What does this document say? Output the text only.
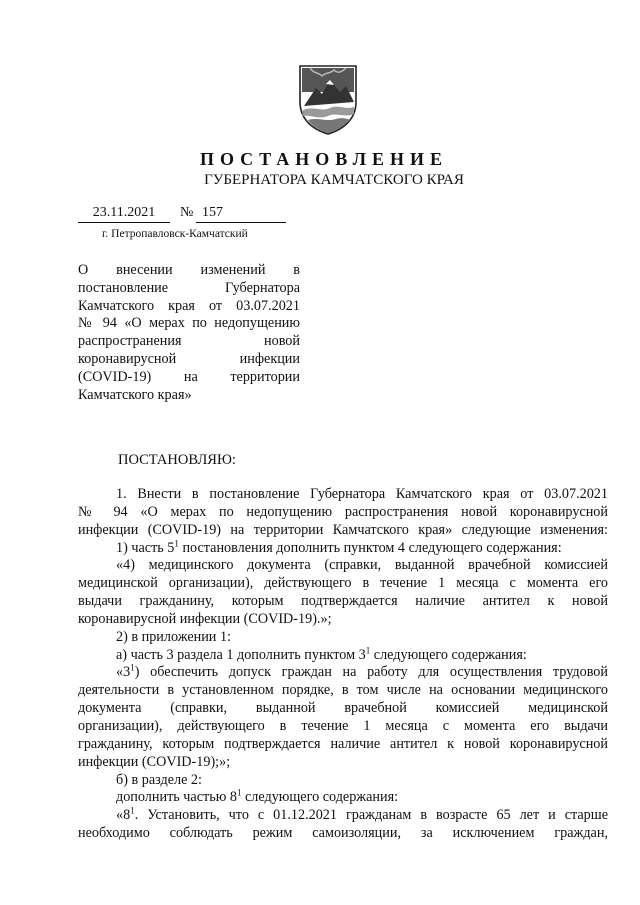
ПОСТАНОВЛЕНИЕ
ГУБЕРНАТОРА КАМЧАТСКОГО КРАЯ
23.11.2021	№ 157
г. Петропавловск-Камчатский
О внесении изменений в
постановление Губернатора
Камчатского края от 03.07.2021
№ 94 «О мерах по недопущению
распространения новой
коронавирусной инфекции
(COVID-19) на территории
Камчатского края»

ПОСТАНОВЛЯЮ:

1. Внести в постановление Губернатора Камчатского края от 03.07.2021
№ 94 «О мерах по недопущению распространения новой коронавирусной
инфекции (COVID-19) на территории Камчатского края» следующие изменения:
1) часть $5^1$ постановления дополнить пунктом 4 следующего содержания:
«4) медицинского документа (справки, выданной врачебной комиссией
медицинской организации), действующего в течение 1 месяца с момента его
выдачи гражданину, которым подтверждается наличие антител к новой
коронавирусной инфекции (COVID-19).»;
2) в приложении 1:
а) часть 3 раздела 1 дополнить пунктом $3^1$ следующего содержания:
«$3^1$) обеспечить допуск граждан на работу для осуществления трудовой
деятельности в установленном порядке, в том числе на основании медицинского
документа (справки, выданной врачебной комиссией медицинской
организации), действующего в течение 1 месяца с момента его выдачи
гражданину, которым подтверждается наличие антител к новой коронавирусной
инфекции (COVID-19);»;
б) в разделе 2:
дополнить частью $8^1$ следующего содержания:
«$8^1$. Установить, что с 01.12.2021 гражданам в возрасте 65 лет и старше
необходимо соблюдать режим самоизоляции, за исключением граждан,
